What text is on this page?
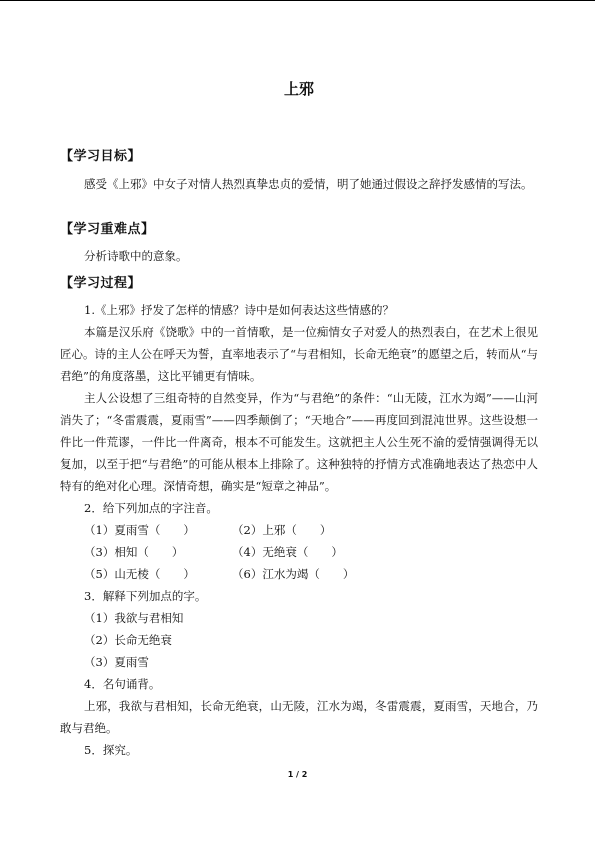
上邪
【学习目标】
感受《上邪》中女子对情人热烈真挚忠贞的爱情，明了她通过假设之辞抒发感情的写法。
【学习重难点】
分析诗歌中的意象。
【学习过程】
1.《上邪》抒发了怎样的情感？诗中是如何表达这些情感的？
本篇是汉乐府《饶歌》中的一首情歌，是一位痴情女子对爱人的热烈表白，在艺术上很见匠心。诗的主人公在呼天为誓，直率地表示了“与君相知，长命无绝衰”的愿望之后，转而从“与君绝”的角度落墨，这比平铺更有情味。
主人公设想了三组奇特的自然变异，作为“与君绝”的条件：“山无陵，江水为竭”——山河消失了；“冬雷震震，夏雨雪”——四季颠倒了；“天地合”——再度回到混沌世界。这些设想一件比一件荒谬，一件比一件离奇，根本不可能发生。这就把主人公生死不渝的爱情强调得无以复加，以至于把“与君绝”的可能从根本上排除了。这种独特的抒情方式准确地表达了热恋中人特有的绝对化心理。深情奇想，确实是“短章之神品”。
2．给下列加点的字注音。
（1）夏雨雪（　　）	（2）上邪（　　）
（3）相知（　　）	（4）无绝衰（　　）
（5）山无棱（　　）	（6）江水为竭（　　）
3．解释下列加点的字。
（1）我欲与君相知
（2）长命无绝衰
（3）夏雨雪
4．名句诵背。
上邪，我欲与君相知，长命无绝衰，山无陵，江水为竭，冬雷震震，夏雨雪，天地合，乃敢与君绝。
5．探究。
1 / 2
